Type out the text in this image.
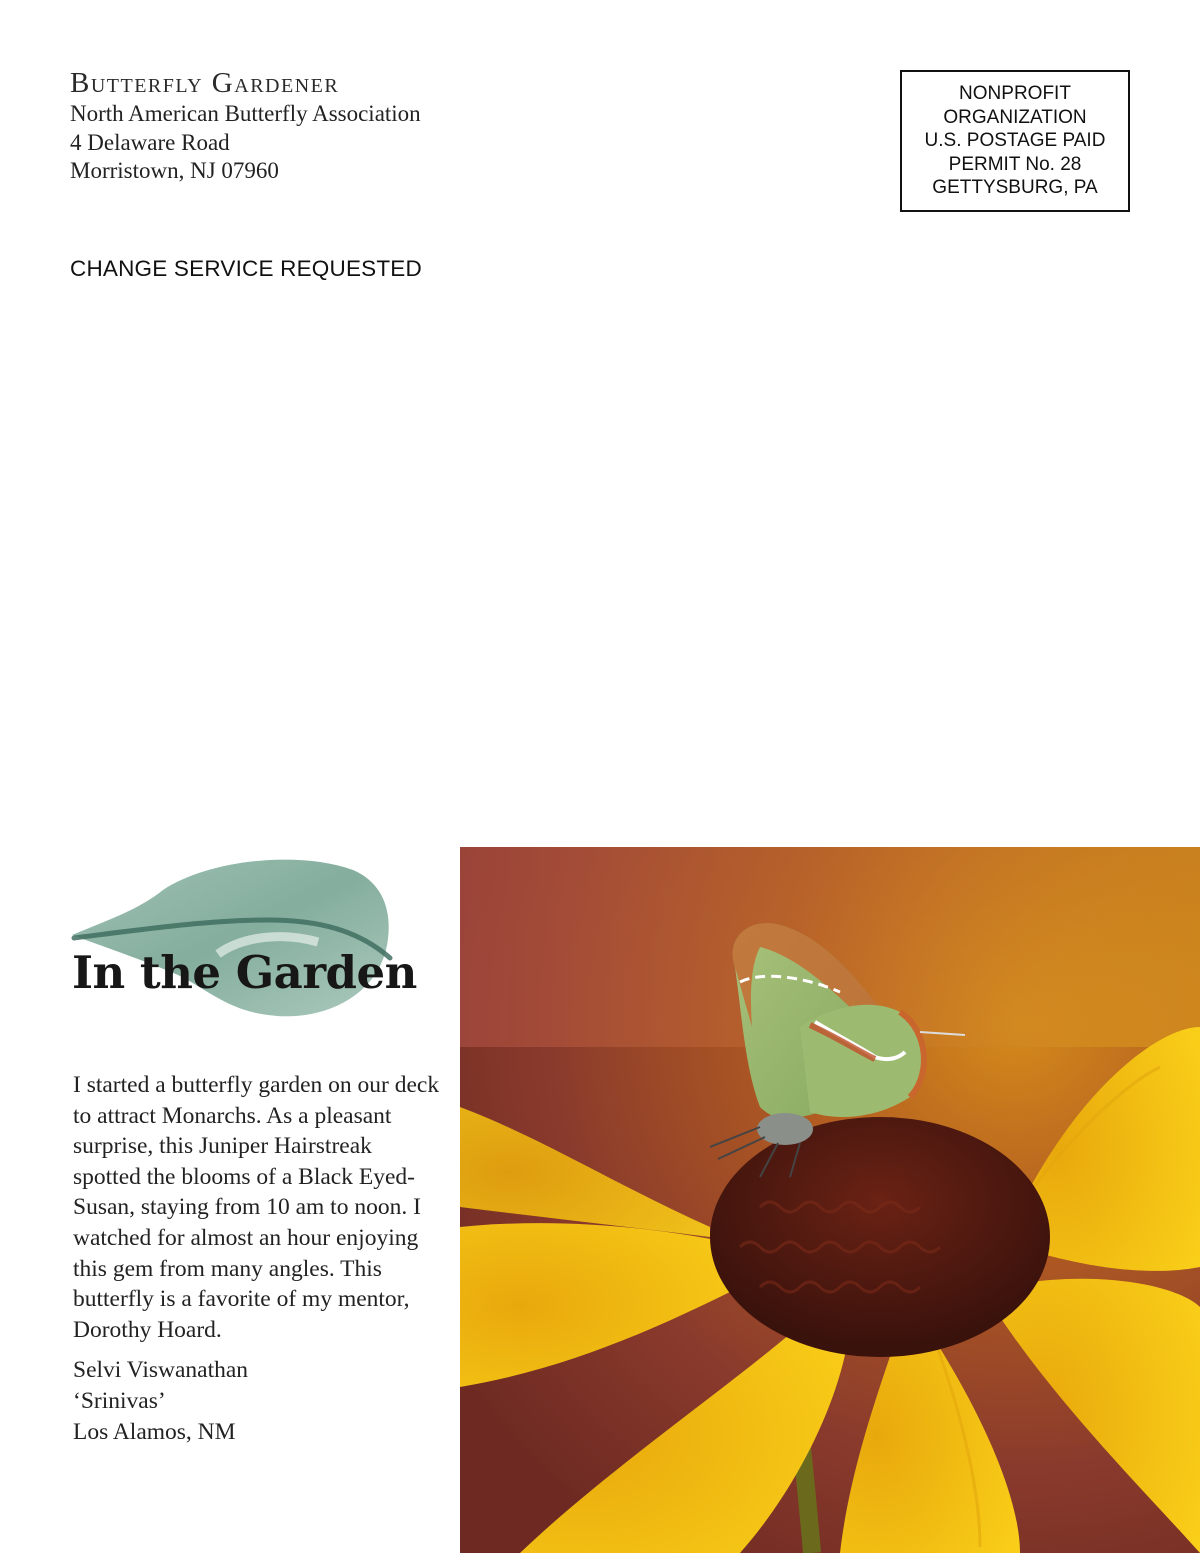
Butterfly Gardener
North American Butterfly Association
4 Delaware Road
Morristown, NJ 07960
NONPROFIT
ORGANIZATION
U.S. POSTAGE PAID
PERMIT No. 28
GETTYSBURG, PA
CHANGE SERVICE REQUESTED
In the Garden

I started a butterfly garden on our deck to attract Monarchs. As a pleasant surprise, this Juniper Hairstreak spotted the blooms of a Black Eyed-Susan, staying from 10 am to noon. I watched for almost an hour enjoying this gem from many angles. This butterfly is a favorite of my mentor, Dorothy Hoard.

Selvi Viswanathan
‘Srinivas’
Los Alamos, NM
